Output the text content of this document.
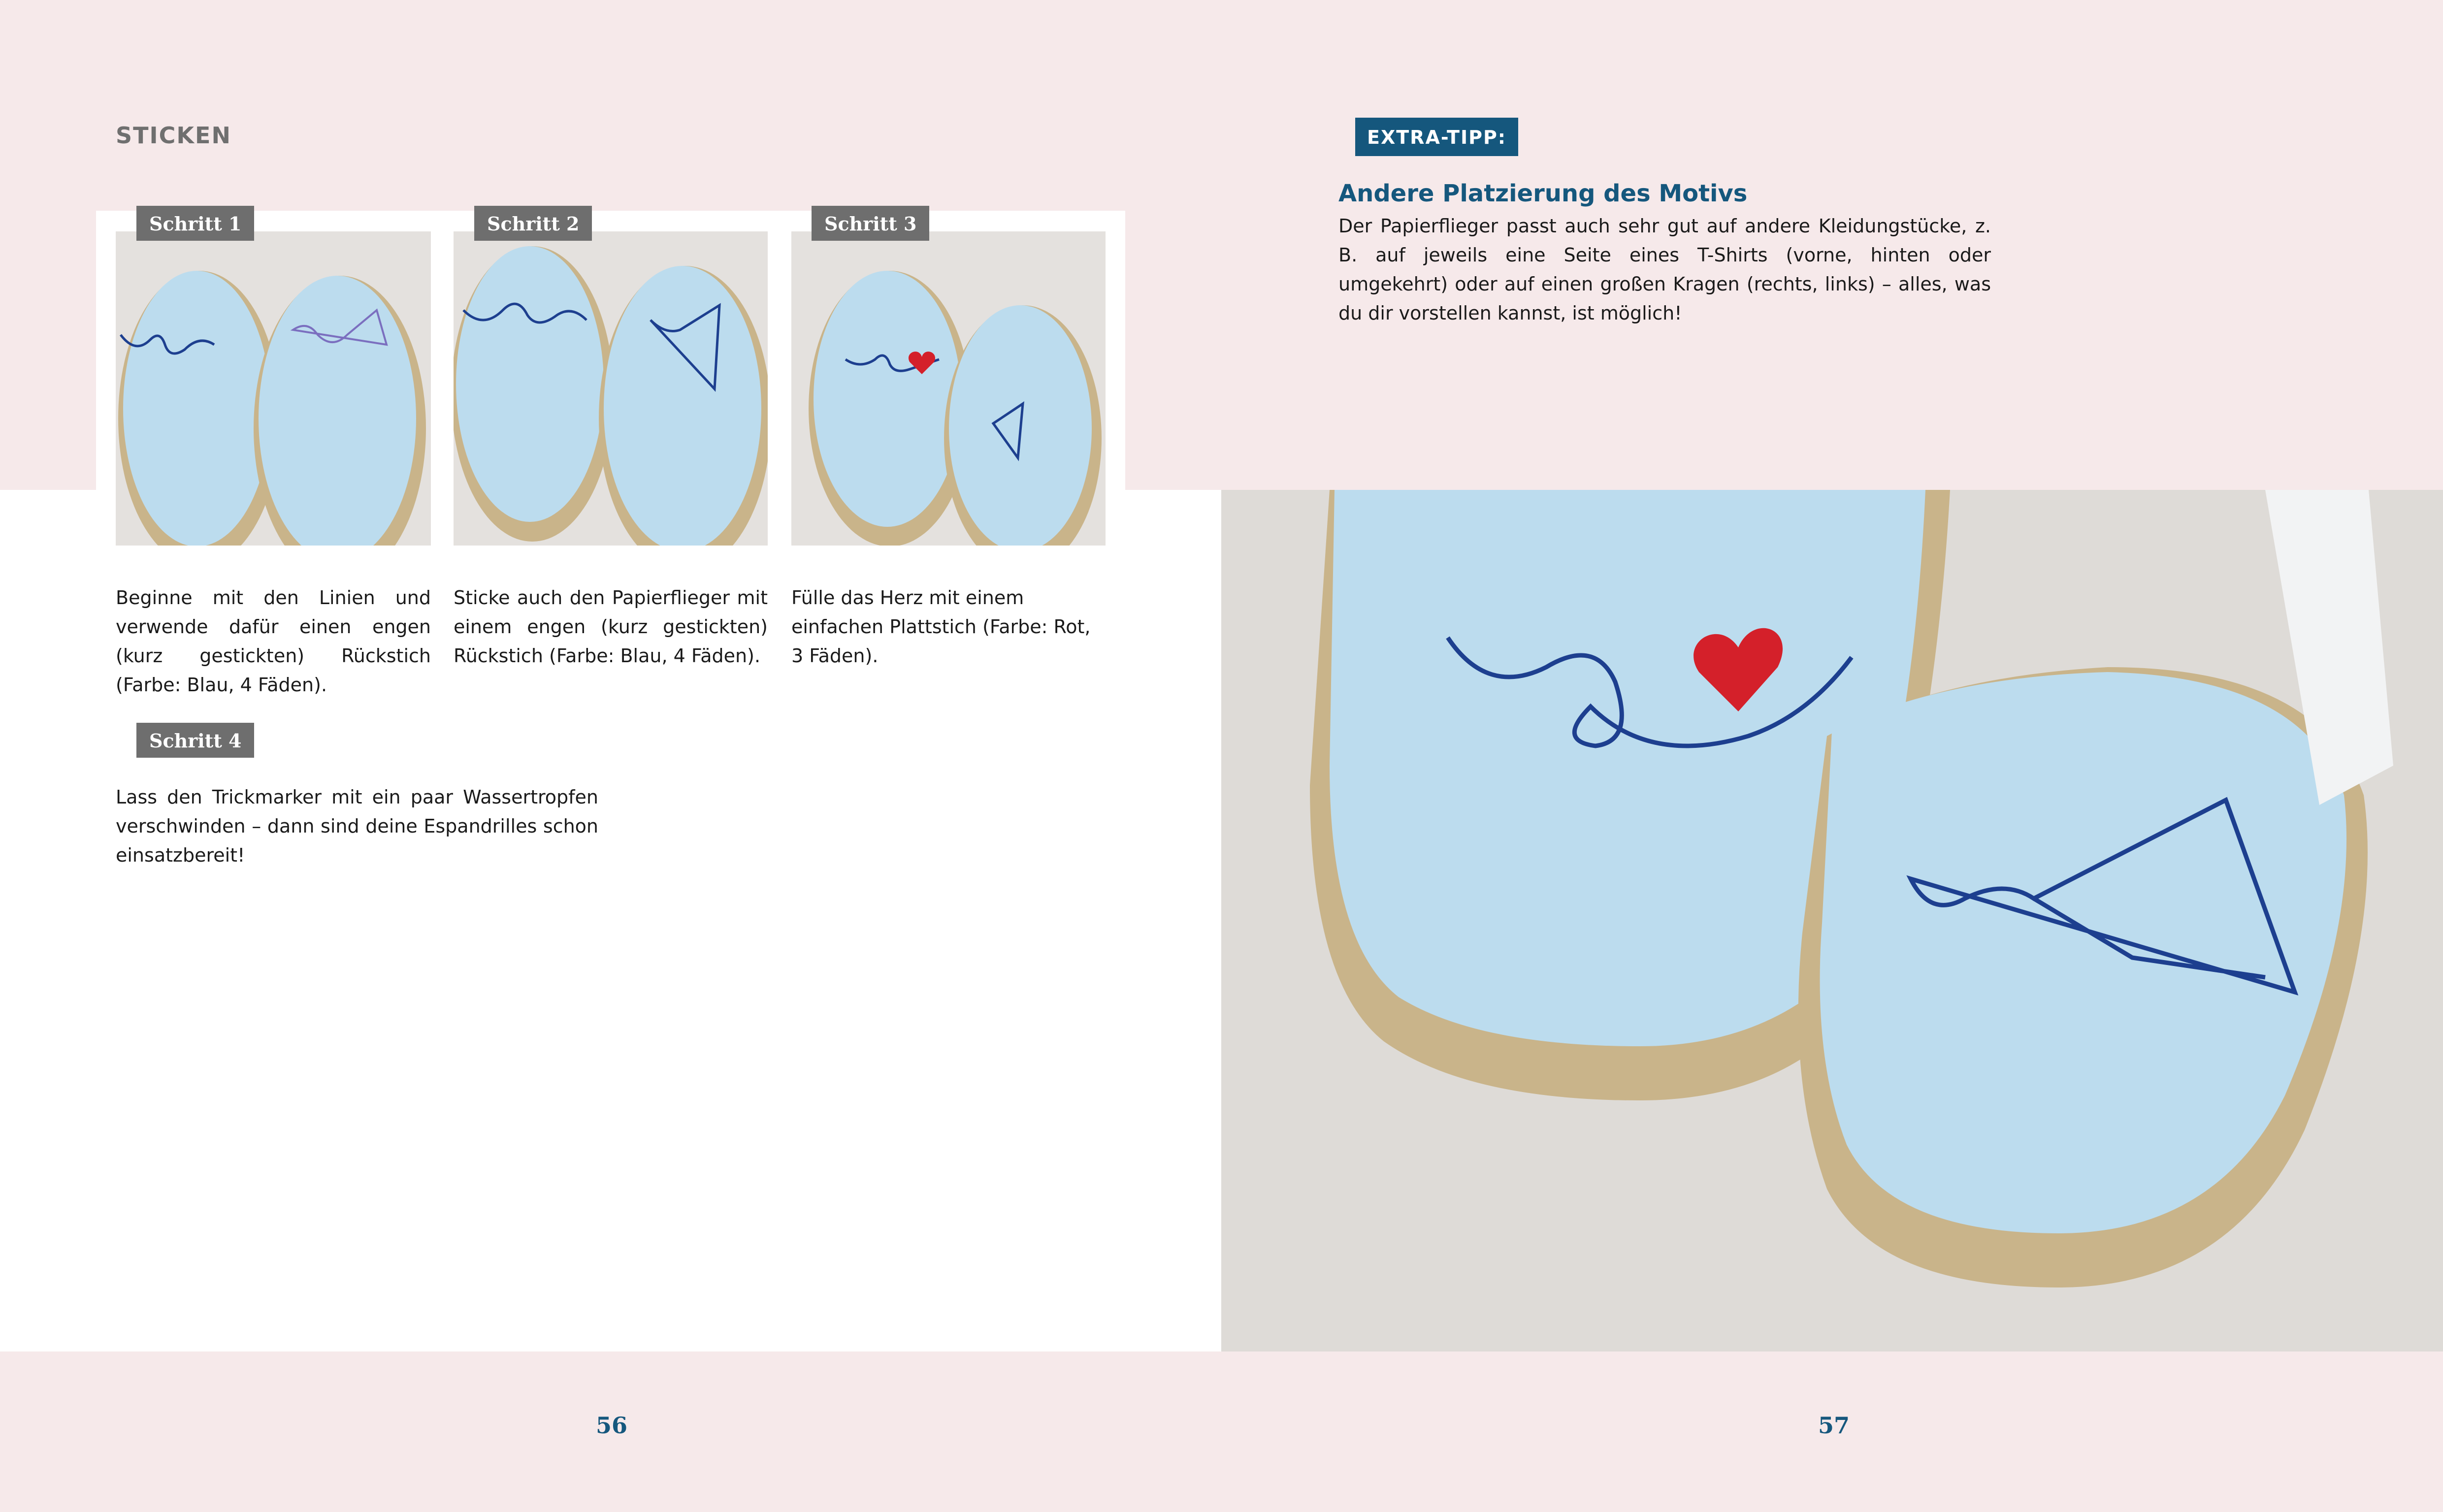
STICKEN
Schritt 1	Schritt 2	Schritt 3
Beginne mit den Linien und verwende dafür einen engen (kurz gestickten) Rückstich (Farbe: Blau, 4 Fäden).
Sticke auch den Papierflieger mit einem engen (kurz gestickten) Rückstich (Farbe: Blau, 4 Fäden).
Fülle das Herz mit einem einfachen Plattstich (Farbe: Rot, 3 Fäden).
Schritt 4
Lass den Trickmarker mit ein paar Wassertropfen verschwinden – dann sind deine Espandrilles schon einsatzbereit!
EXTRA-TIPP:
Andere Platzierung des Motivs
Der Papierflieger passt auch sehr gut auf andere Kleidungstücke, z. B. auf jeweils eine Seite eines T-Shirts (vorne, hinten oder umgekehrt) oder auf einen großen Kragen (rechts, links) – alles, was du dir vorstellen kannst, ist möglich!
56	57
